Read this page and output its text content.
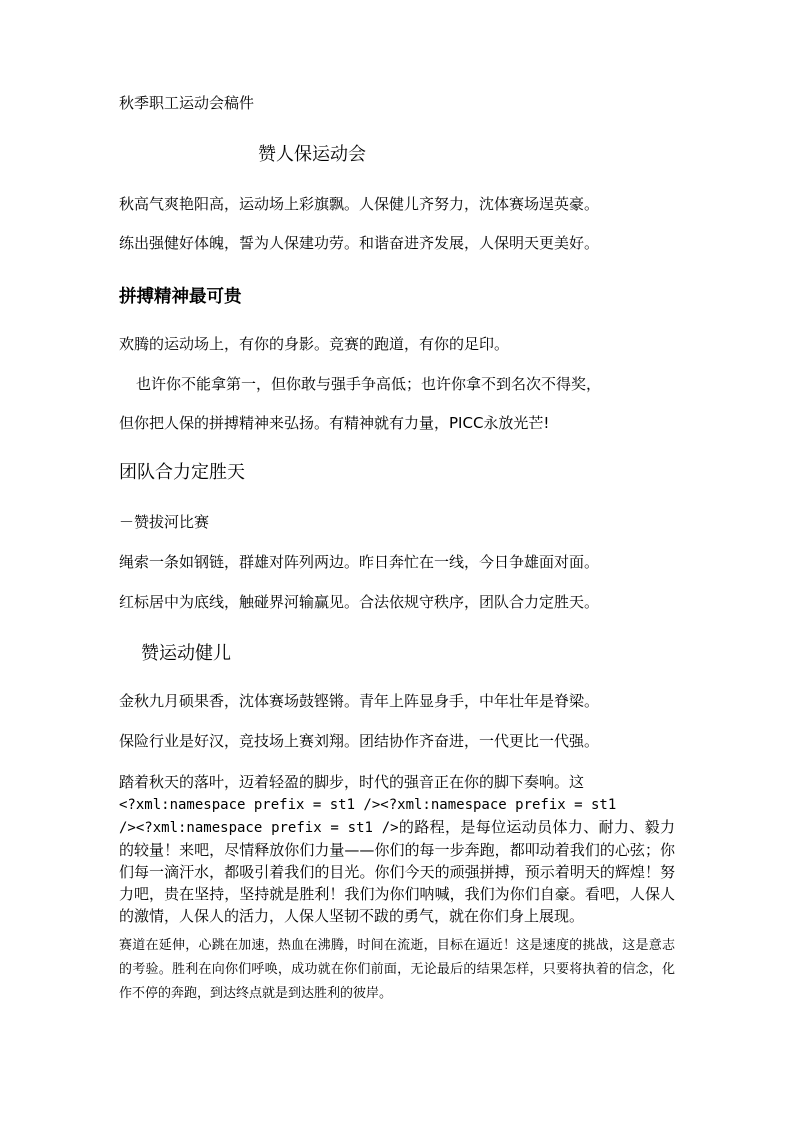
秋季职工运动会稿件
赞人保运动会
秋高气爽艳阳高，运动场上彩旗飘。人保健儿齐努力，沈体赛场逞英豪。
练出强健好体魄，誓为人保建功劳。和谐奋进齐发展，人保明天更美好。
拼搏精神最可贵
欢腾的运动场上，有你的身影。竞赛的跑道，有你的足印。
也许你不能拿第一，但你敢与强手争高低；也许你拿不到名次不得奖，
但你把人保的拼搏精神来弘扬。有精神就有力量，PICC永放光芒!
团队合力定胜天
－赞拔河比赛
绳索一条如钢链，群雄对阵列两边。昨日奔忙在一线，今日争雄面对面。
红标居中为底线，触碰界河输赢见。合法依规守秩序，团队合力定胜天。
赞运动健儿
金秋九月硕果香，沈体赛场鼓铿锵。青年上阵显身手，中年壮年是脊梁。
保险行业是好汉，竞技场上赛刘翔。团结协作齐奋进，一代更比一代强。
踏着秋天的落叶，迈着轻盈的脚步，时代的强音正在你的脚下奏响。这
<?xml:namespace prefix = st1 /><?xml:namespace prefix = st1
/><?xml:namespace prefix = st1 />的路程，是每位运动员体力、耐力、毅力的较量！来吧，尽情释放你们力量——你们的每一步奔跑，都叩动着我们的心弦；你们每一滴汗水，都吸引着我们的目光。你们今天的顽强拼搏，预示着明天的辉煌！努力吧，贵在坚持，坚持就是胜利！我们为你们呐喊，我们为你们自豪。看吧，人保人的激情，人保人的活力，人保人坚韧不跋的勇气，就在你们身上展现。
赛道在延伸，心跳在加速，热血在沸腾，时间在流逝，目标在逼近！这是速度的挑战，这是意志的考验。胜利在向你们呼唤，成功就在你们前面，无论最后的结果怎样，只要将执着的信念，化作不停的奔跑，到达终点就是到达胜利的彼岸。
